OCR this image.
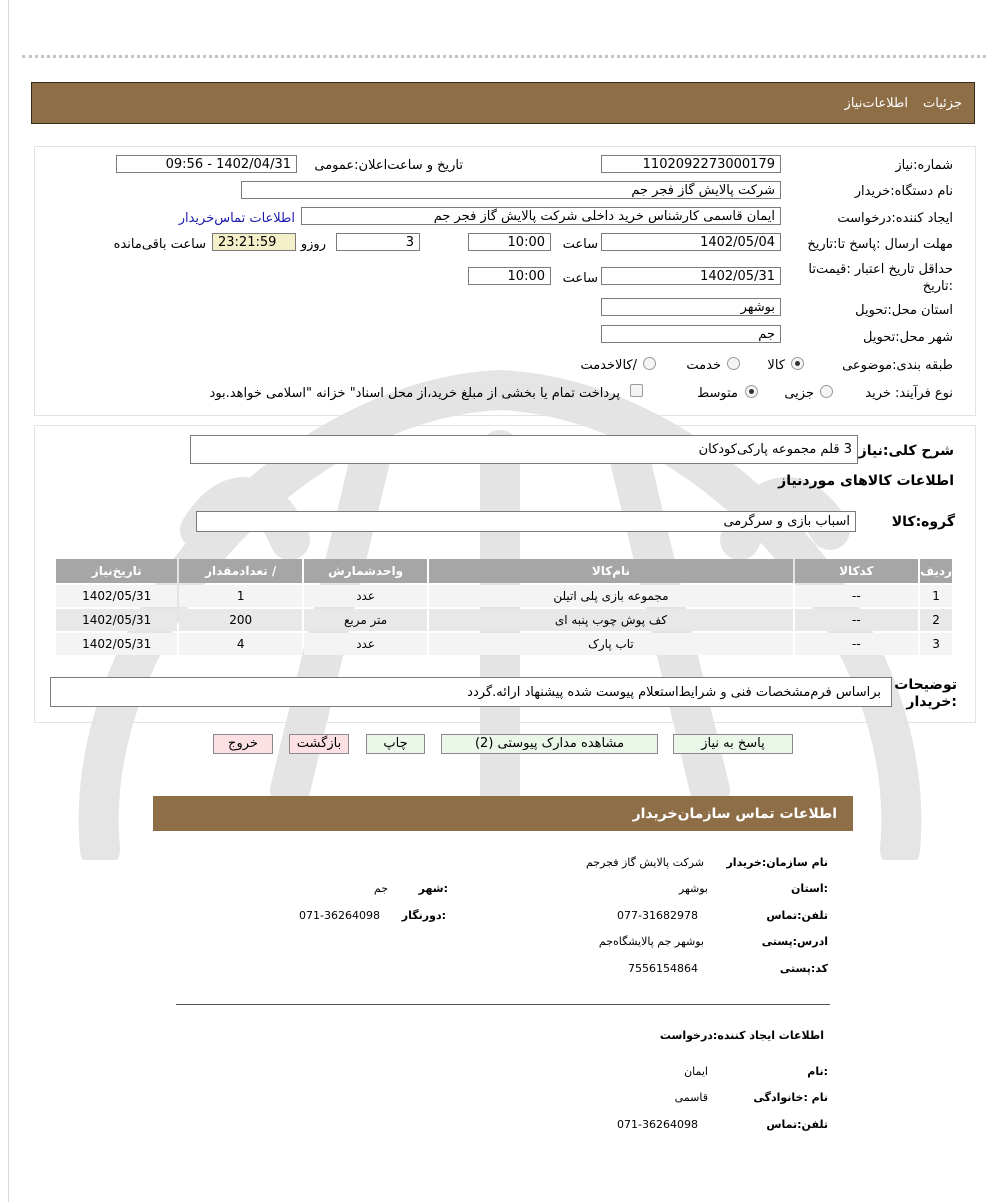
جزئیات
اطلاعات‌نیاز
شماره:نیاز
1102092273000179
تاریخ و ساعت‌اعلان:عمومی
1402/04/31 - 09:56
نام دستگاه:خریدار
شرکت پالایش گاز فجر جم
ایجاد کننده:درخواست
ایمان قاسمی کارشناس خرید داخلی شرکت پالایش گاز فجر جم
اطلاعات تماس‌خریدار
مهلت ارسال :پاسخ تا:تاریخ
1402/05/04
ساعت
10:00
3
روزو
23:21:59
ساعت باقی‌مانده
حداقل تاریخ اعتبار :قیمت‌تا :تاریخ
1402/05/31
ساعت
10:00
استان محل:تحویل
بوشهر
شهر محل:تحویل
جم
طبقه بندی:موضوعی
کالا
خدمت
/کالاخدمت
نوع فرآیند: خرید
جزیی
متوسط
پرداخت تمام یا بخشی از مبلغ خرید،از محل اسناد" خزانه "اسلامی خواهد.بود
شرح کلی:نیاز
3 قلم مجموعه پارکی‌کودکان
اطلاعات کالاهای موردنیاز
گروه:کالا
اسباب بازی و سرگرمی
ردیف	کدکالا	نام‌کالا	واحدشمارش	/ تعدادمقدار	تاریخ‌نیاز
1	--	مجموعه بازی پلی اتیلن	عدد	1	1402/05/31
2	--	کف پوش چوب پنبه ای	متر مربع	200	1402/05/31
3	--	تاب پارک	عدد	4	1402/05/31
توضیحات :خریدار
براساس فرم‌مشخصات فنی و شرایط‌استعلام پیوست شده پیشنهاد ارائه.گردد
پاسخ به نیاز
مشاهده مدارک پیوستی (2)
چاپ
بازگشت
خروج
اطلاعات تماس سازمان‌خریدار
نام سازمان:خریدار
شرکت پالایش گاز فجرجم
:استان
بوشهر
:شهر
جم
تلفن:تماس
077-31682978
:دورنگار
071-36264098
ادرس:پستی
بوشهر جم پالایشگاه‌جم
کد:پستی
7556154864
اطلاعات ایجاد کننده:درخواست
:نام
ایمان
نام :خانوادگی
قاسمی
تلفن:تماس
071-36264098
